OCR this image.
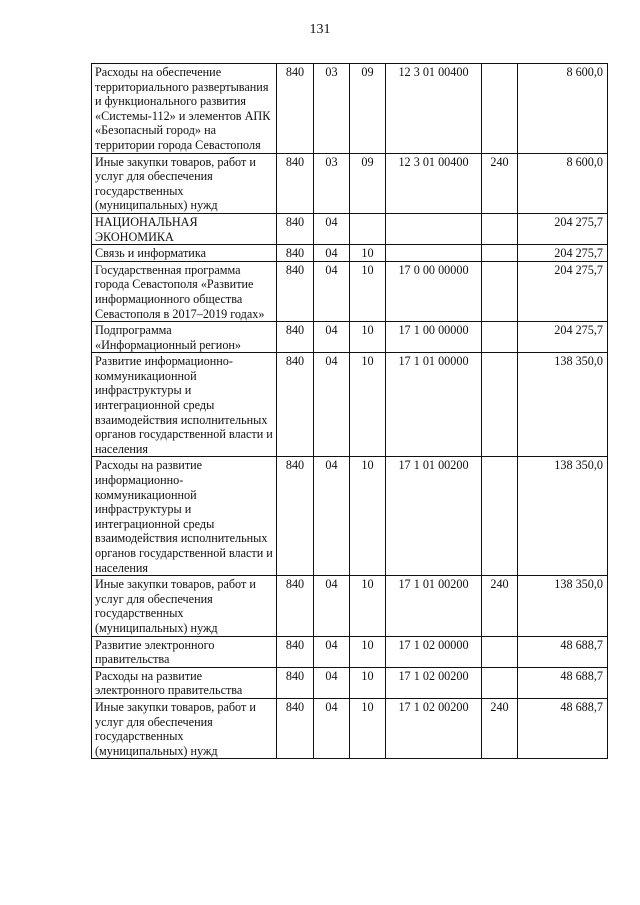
131
Расходы на обеспечение территориального развертывания и функционального развития «Системы-112» и элементов АПК «Безопасный город» на территории города Севастополя	840	03	09	12 3 01 00400		8 600,0
Иные закупки товаров, работ и услуг для обеспечения государственных (муниципальных) нужд	840	03	09	12 3 01 00400	240	8 600,0
НАЦИОНАЛЬНАЯ ЭКОНОМИКА	840	04				204 275,7
Связь и информатика	840	04	10			204 275,7
Государственная программа города Севастополя «Развитие информационного общества Севастополя в 2017–2019 годах»	840	04	10	17 0 00 00000		204 275,7
Подпрограмма «Информационный регион»	840	04	10	17 1 00 00000		204 275,7
Развитие информационно-коммуникационной инфраструктуры и интеграционной среды взаимодействия исполнительных органов государственной власти и населения	840	04	10	17 1 01 00000		138 350,0
Расходы на развитие информационно-коммуникационной инфраструктуры и интеграционной среды взаимодействия исполнительных органов государственной власти и населения	840	04	10	17 1 01 00200		138 350,0
Иные закупки товаров, работ и услуг для обеспечения государственных (муниципальных) нужд	840	04	10	17 1 01 00200	240	138 350,0
Развитие электронного правительства	840	04	10	17 1 02 00000		48 688,7
Расходы на развитие электронного правительства	840	04	10	17 1 02 00200		48 688,7
Иные закупки товаров, работ и услуг для обеспечения государственных (муниципальных) нужд	840	04	10	17 1 02 00200	240	48 688,7
